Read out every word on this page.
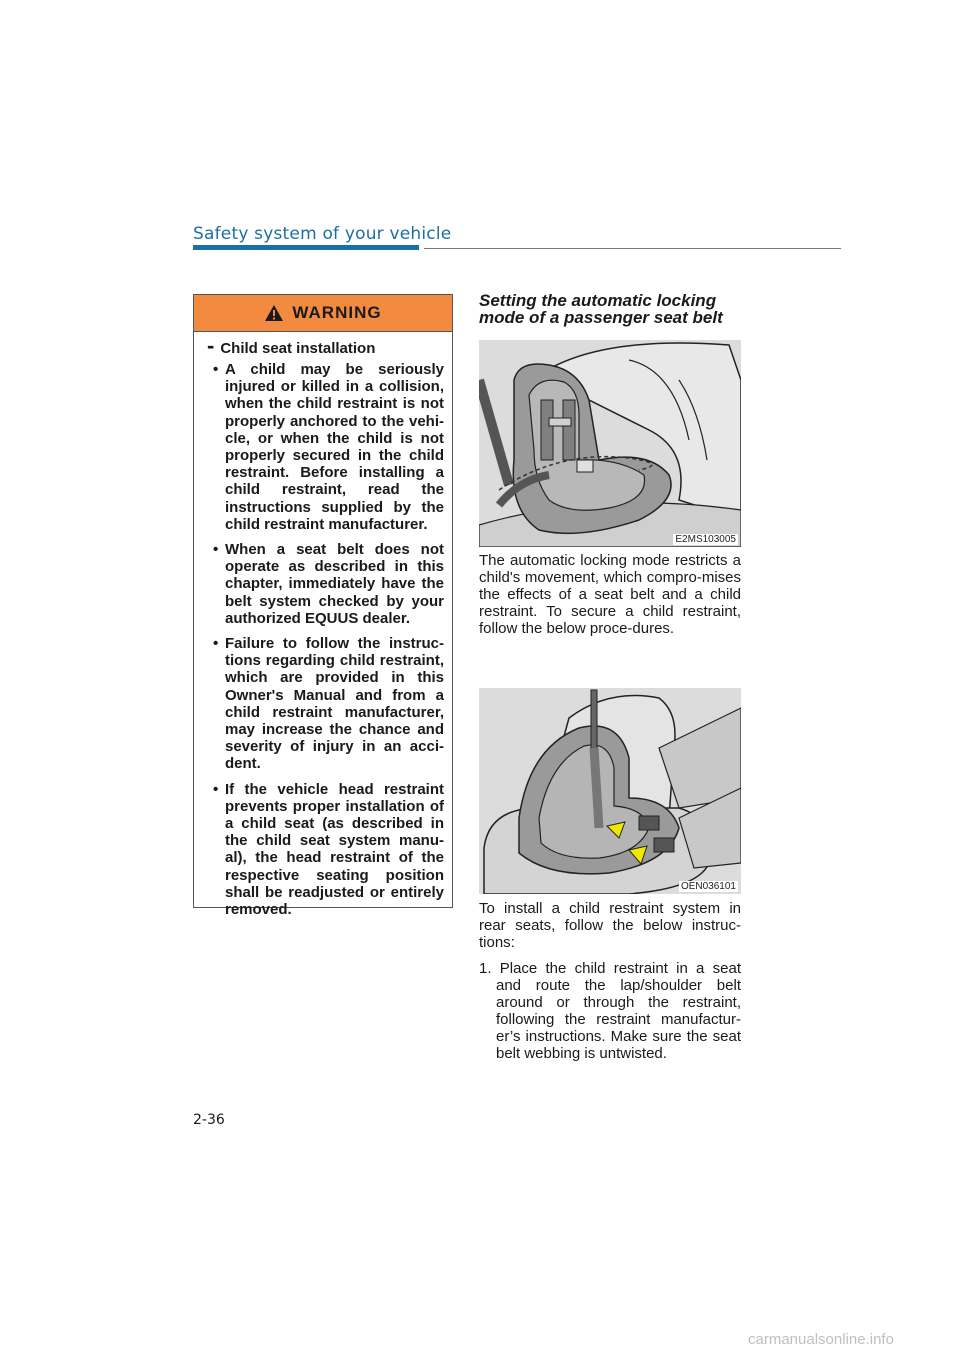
Safety system of your vehicle
WARNING
- Child seat installation
• A child may be seriously injured or killed in a collision, when the child restraint is not properly anchored to the vehi-cle, or when the child is not properly secured in the child restraint. Before installing a child restraint, read the instructions supplied by the child restraint manufacturer.
• When a seat belt does not operate as described in this chapter, immediately have the belt system checked by your authorized EQUUS dealer.
• Failure to follow the instruc-tions regarding child restraint, which are provided in this Owner's Manual and from a child restraint manufacturer, may increase the chance and severity of injury in an acci-dent.
• If the vehicle head restraint prevents proper installation of a child seat (as described in the child seat system manu-al), the head restraint of the respective seating position shall be readjusted or entirely removed.
Setting the automatic locking mode of a passenger seat belt
E2MS103005

The automatic locking mode restricts a child's movement, which compro-mises the effects of a seat belt and a child restraint. To secure a child restraint, follow the below proce-dures.

OEN036101

To install a child restraint system in rear seats, follow the below instruc-tions:

1. Place the child restraint in a seat and route the lap/shoulder belt around or through the restraint, following the restraint manufactur-er’s instructions. Make sure the seat belt webbing is untwisted.

2-36
carmanualsonline.info
